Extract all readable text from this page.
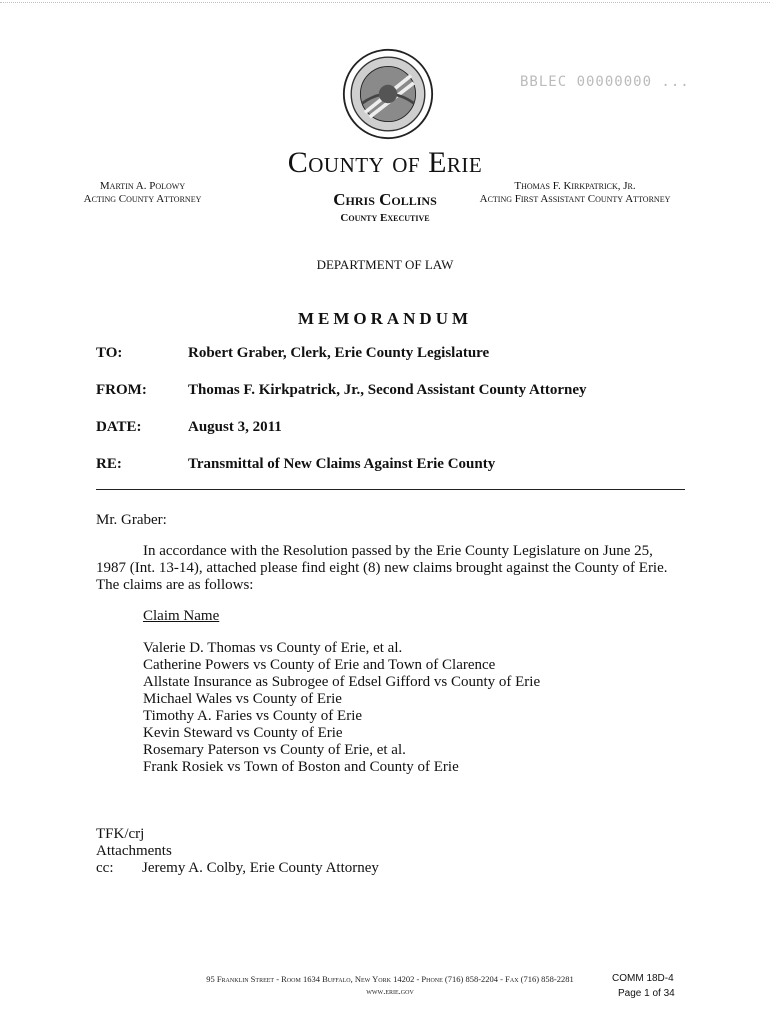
BBLEC 00000000 ...
County of Erie
Martin A. Polowy
Acting County Attorney	Chris Collins
County Executive
Thomas F. Kirkpatrick, Jr.
Acting First Assistant County Attorney
DEPARTMENT OF LAW
MEMORANDUM
TO:	Robert Graber, Clerk, Erie County Legislature
FROM:	Thomas F. Kirkpatrick, Jr., Second Assistant County Attorney
DATE:	August 3, 2011
RE:	Transmittal of New Claims Against Erie County
Mr. Graber:
In accordance with the Resolution passed by the Erie County Legislature on June 25, 1987 (Int. 13-14), attached please find eight (8) new claims brought against the County of Erie. The claims are as follows:
Claim Name
Valerie D. Thomas vs County of Erie, et al.
Catherine Powers vs County of Erie and Town of Clarence
Allstate Insurance as Subrogee of Edsel Gifford vs County of Erie
Michael Wales vs County of Erie
Timothy A. Faries vs County of Erie
Kevin Steward vs County of Erie
Rosemary Paterson vs County of Erie, et al.
Frank Rosiek vs Town of Boston and County of Erie
TFK/crj
Attachments
cc: Jeremy A. Colby, Erie County Attorney
95 Franklin Street - Room 1634 Buffalo, New York 14202 - Phone (716) 858-2204 - Fax (716) 858-2281
www.erie.gov
COMM 18D-4
Page 1 of 34
